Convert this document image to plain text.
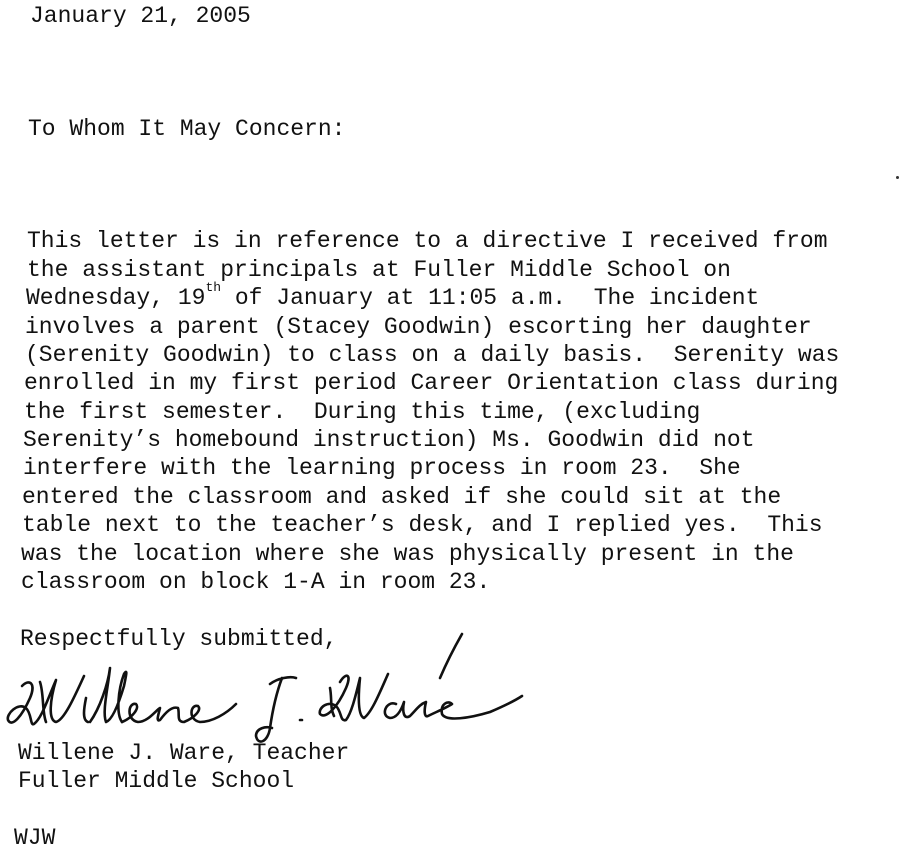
January 21, 2005
To Whom It May Concern:
This letter is in reference to a directive I received from
the assistant principals at Fuller Middle School on
Wednesday, 19th of January at 11:05 a.m.  The incident
involves a parent (Stacey Goodwin) escorting her daughter
(Serenity Goodwin) to class on a daily basis.  Serenity was
enrolled in my first period Career Orientation class during
the first semester.  During this time, (excluding
Serenity’s homebound instruction) Ms. Goodwin did not
interfere with the learning process in room 23.  She
entered the classroom and asked if she could sit at the
table next to the teacher’s desk, and I replied yes.  This
was the location where she was physically present in the
classroom on block 1-A in room 23.
Respectfully submitted,
Willene J. Ware, Teacher
Fuller Middle School
WJW
